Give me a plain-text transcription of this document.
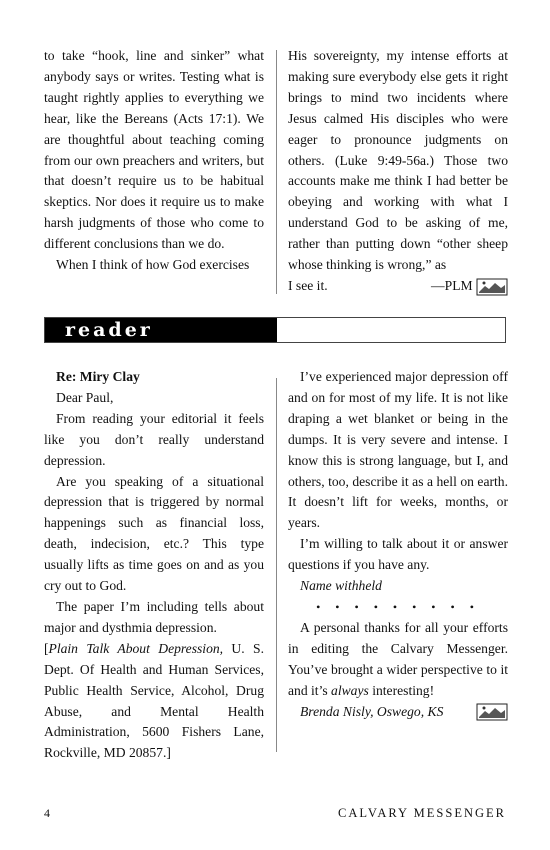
to take “hook, line and sinker” what anybody says or writes. Testing what is taught rightly applies to everything we hear, like the Bereans (Acts 17:1). We are thoughtful about teaching coming from our own preachers and writers, but that doesn’t require us to be habitual skeptics. Nor does it require us to make harsh judgments of those who come to different conclusions than we do.

When I think of how God exercises

His sovereignty, my intense efforts at making sure everybody else gets it right brings to mind two incidents where Jesus calmed His disciples who were eager to pronounce judgments on others. (Luke 9:49-56a.) Those two accounts make me think I had better be obeying and working with what I understand God to be asking of me, rather than putting down “other sheep whose thinking is wrong,” as

I see it.	—PLM
reader response

Re: Miry Clay

Dear Paul,

From reading your editorial it feels like you don’t really understand depression.

Are you speaking of a situational depression that is triggered by normal happenings such as financial loss, death, indecision, etc.? This type usually lifts as time goes on and as you cry out to God.

The paper I’m including tells about major and dysthmia depression.

[Plain Talk About Depression, U. S. Dept. Of Health and Human Services, Public Health Service, Alcohol, Drug Abuse, and Mental Health Administration, 5600 Fishers Lane, Rockville, MD 20857.]

I’ve experienced major depression off and on for most of my life. It is not like draping a wet blanket or being in the dumps. It is very severe and intense. I know this is strong language, but I, and others, too, describe it as a hell on earth. It doesn’t lift for weeks, months, or years.

I’m willing to talk about it or answer questions if you have any.

Name withheld

• • • • • • • • •

A personal thanks for all your efforts in editing the Calvary Messenger. You’ve brought a wider perspective to it and it’s always interesting!

Brenda Nisly, Oswego, KS
4	CALVARY MESSENGER
